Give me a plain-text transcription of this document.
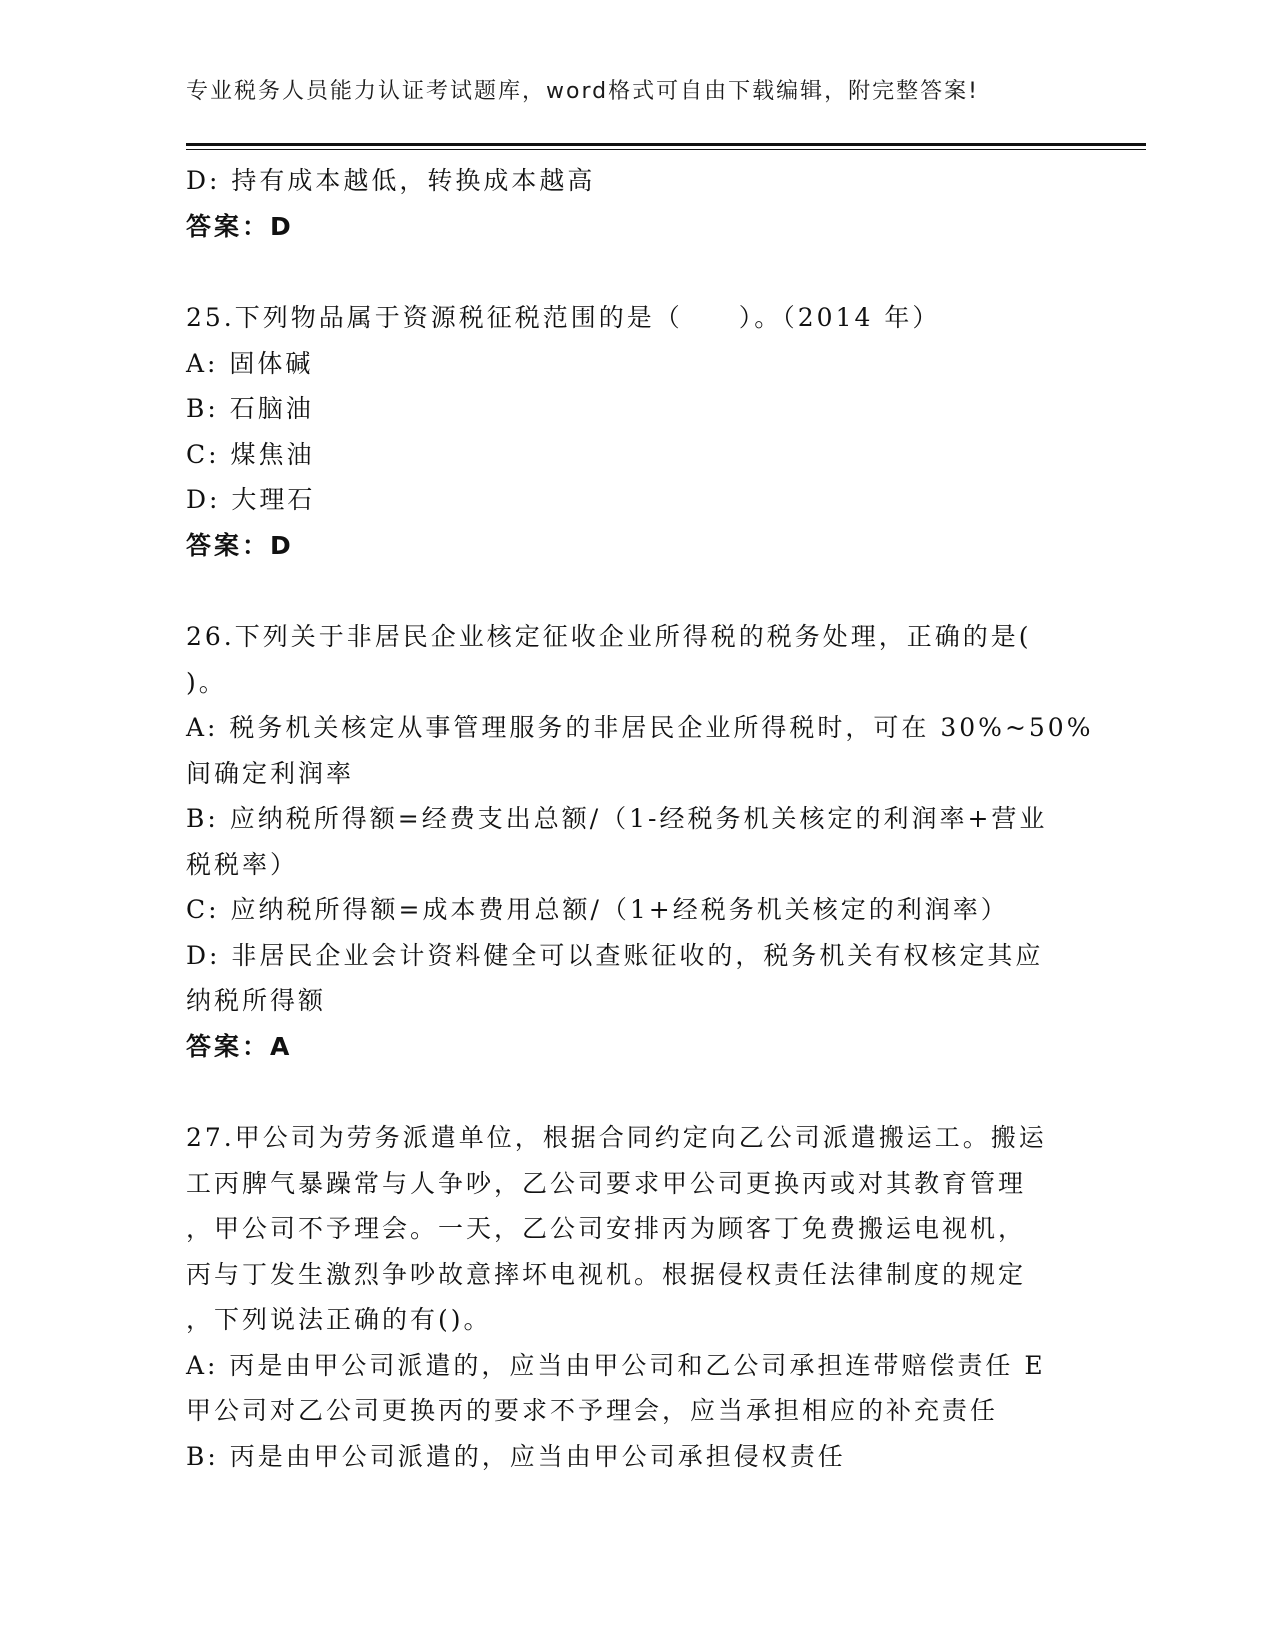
专业税务人员能力认证考试题库，word格式可自由下载编辑，附完整答案!
D: 持有成本越低，转换成本越高
答案：D
25.下列物品属于资源税征税范围的是（　　）。（2014 年）
A: 固体碱
B: 石脑油
C: 煤焦油
D: 大理石
答案：D
26.下列关于非居民企业核定征收企业所得税的税务处理，正确的是(
)。
A: 税务机关核定从事管理服务的非居民企业所得税时，可在 30%~50%
间确定利润率
B: 应纳税所得额=经费支出总额/（1-经税务机关核定的利润率+营业
税税率）
C: 应纳税所得额=成本费用总额/（1+经税务机关核定的利润率）
D: 非居民企业会计资料健全可以查账征收的，税务机关有权核定其应
纳税所得额
答案：A
27.甲公司为劳务派遣单位，根据合同约定向乙公司派遣搬运工。搬运
工丙脾气暴躁常与人争吵，乙公司要求甲公司更换丙或对其教育管理
，甲公司不予理会。一天，乙公司安排丙为顾客丁免费搬运电视机，
丙与丁发生激烈争吵故意摔坏电视机。根据侵权责任法律制度的规定
，下列说法正确的有()。
A: 丙是由甲公司派遣的，应当由甲公司和乙公司承担连带赔偿责任 E
甲公司对乙公司更换丙的要求不予理会，应当承担相应的补充责任
B: 丙是由甲公司派遣的，应当由甲公司承担侵权责任
